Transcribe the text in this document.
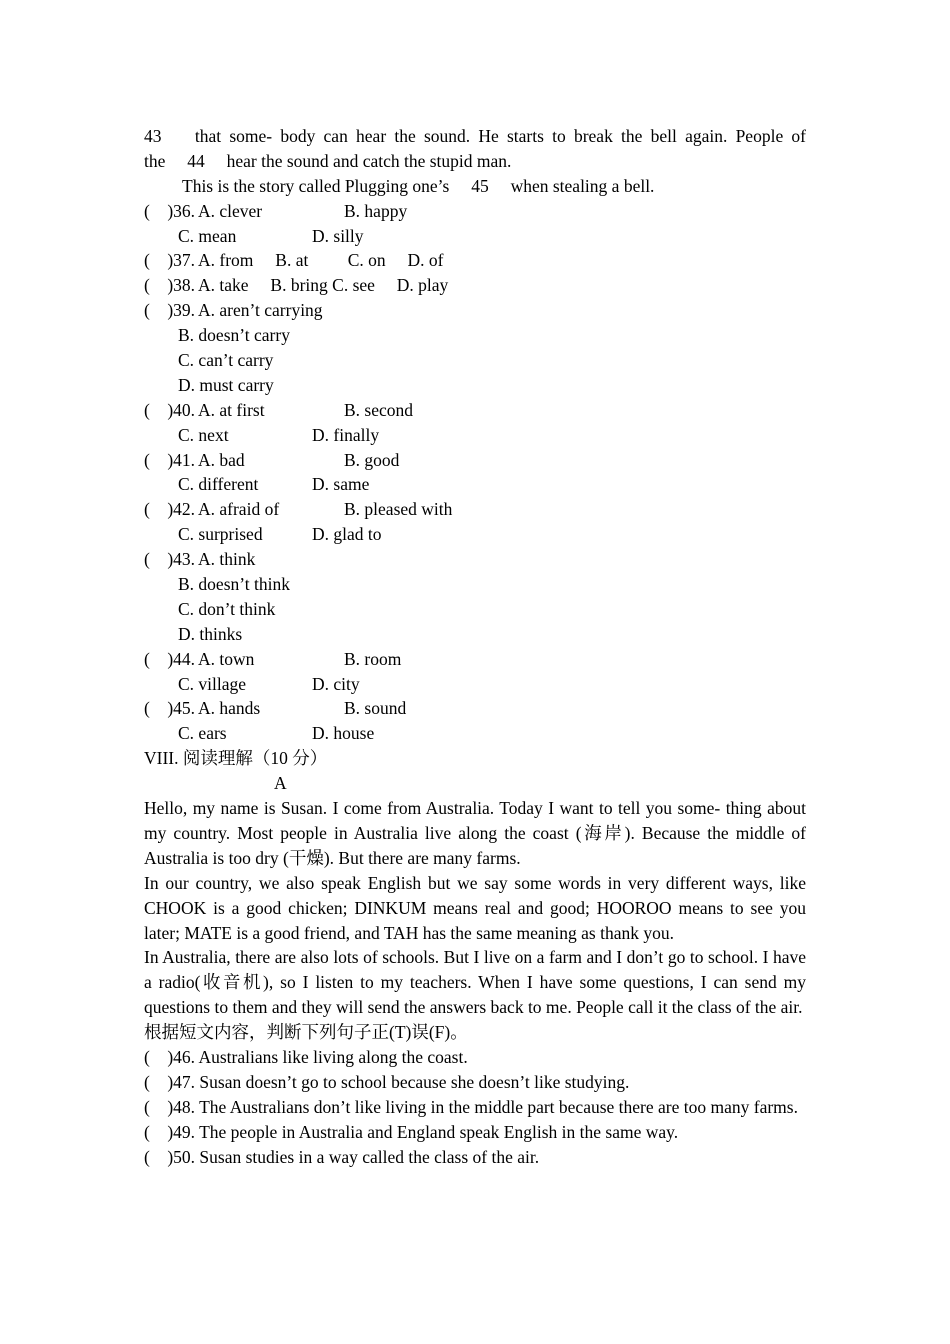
43　 that some- body can hear the sound. He starts to break the bell again. People of
the　 44　 hear the sound and catch the stupid man.
This is the story called Plugging one’s　 45　 when stealing a bell.
(　)36. A. clever	B. happy
C. mean	D. silly
(　)37. A. from　 B. at　　 C. on　 D. of
(　)38. A. take　 B. bring C. see　 D. play
(　)39. A. aren’t carrying
B. doesn’t carry
C. can’t carry
D. must carry
(　)40. A. at first	B. second
C. next	D. finally
(　)41. A. bad	B. good
C. different	D. same
(　)42. A. afraid of	B. pleased with
C. surprised	D. glad to
(　)43. A. think
B. doesn’t think
C. don’t think
D. thinks
(　)44. A. town	B. room
C. village	D. city
(　)45. A. hands	B. sound
C. ears	D. house
VIII. 阅读理解（10 分）
A

Hello, my name is Susan. I come from Australia. Today I want to tell you some- thing about my country. Most people in Australia live along the coast (海岸). Because the middle of Australia is too dry (干燥). But there are many farms.

In our country, we also speak English but we say some words in very different ways, like CHOOK is a good chicken; DINKUM means real and good; HOOROO means to see you later; MATE is a good friend, and TAH has the same meaning as thank you.

In Australia, there are also lots of schools. But I live on a farm and I don’t go to school. I have a radio(收音机), so I listen to my teachers. When I have some questions, I can send my questions to them and they will send the answers back to me. People call it the class of the air.

根据短文内容，判断下列句子正(T)误(F)。
(　)46. Australians like living along the coast.
(　)47. Susan doesn’t go to school because she doesn’t like studying.
(　)48. The Australians don’t like living in the middle part because there are too many farms.
(　)49. The people in Australia and England speak English in the same way.
(　)50. Susan studies in a way called the class of the air.
